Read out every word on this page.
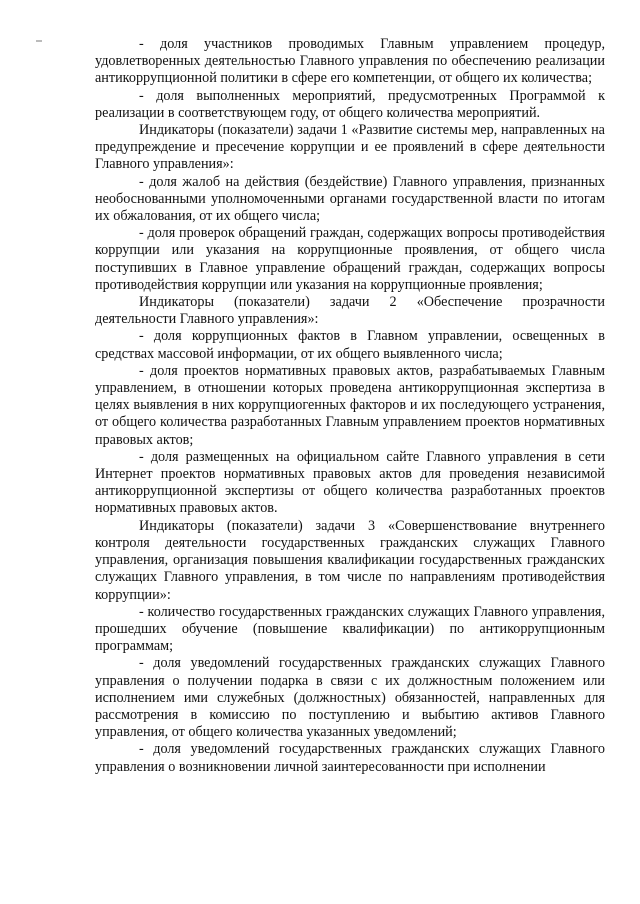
- доля участников проводимых Главным управлением процедур, удовлетворенных деятельностью Главного управления по обеспечению реализации антикоррупционной политики в сфере его компетенции, от общего их количества;

- доля выполненных мероприятий, предусмотренных Программой к реализации в соответствующем году, от общего количества мероприятий.

Индикаторы (показатели) задачи 1 «Развитие системы мер, направленных на предупреждение и пресечение коррупции и ее проявлений в сфере деятельности Главного управления»:

- доля жалоб на действия (бездействие) Главного управления, признанных необоснованными уполномоченными органами государственной власти по итогам их обжалования, от их общего числа;

- доля проверок обращений граждан, содержащих вопросы противодействия коррупции или указания на коррупционные проявления, от общего числа поступивших в Главное управление обращений граждан, содержащих вопросы противодействия коррупции или указания на коррупционные проявления;

Индикаторы (показатели) задачи 2 «Обеспечение прозрачности деятельности Главного управления»:

- доля коррупционных фактов в Главном управлении, освещенных в средствах массовой информации, от их общего выявленного числа;

- доля проектов нормативных правовых актов, разрабатываемых Главным управлением, в отношении которых проведена антикоррупционная экспертиза в целях выявления в них коррупциогенных факторов и их последующего устранения, от общего количества разработанных Главным управлением проектов нормативных правовых актов;

- доля размещенных на официальном сайте Главного управления в сети Интернет проектов нормативных правовых актов для проведения независимой антикоррупционной экспертизы от общего количества разработанных проектов нормативных правовых актов.

Индикаторы (показатели) задачи 3 «Совершенствование внутреннего контроля деятельности государственных гражданских служащих Главного управления, организация повышения квалификации государственных гражданских служащих Главного управления, в том числе по направлениям противодействия коррупции»:

- количество государственных гражданских служащих Главного управления, прошедших обучение (повышение квалификации) по антикоррупционным программам;

- доля уведомлений государственных гражданских служащих Главного управления о получении подарка в связи с их должностным положением или исполнением ими служебных (должностных) обязанностей, направленных для рассмотрения в комиссию по поступлению и выбытию активов Главного управления, от общего количества указанных уведомлений;

- доля уведомлений государственных гражданских служащих Главного управления о возникновении личной заинтересованности при исполнении
